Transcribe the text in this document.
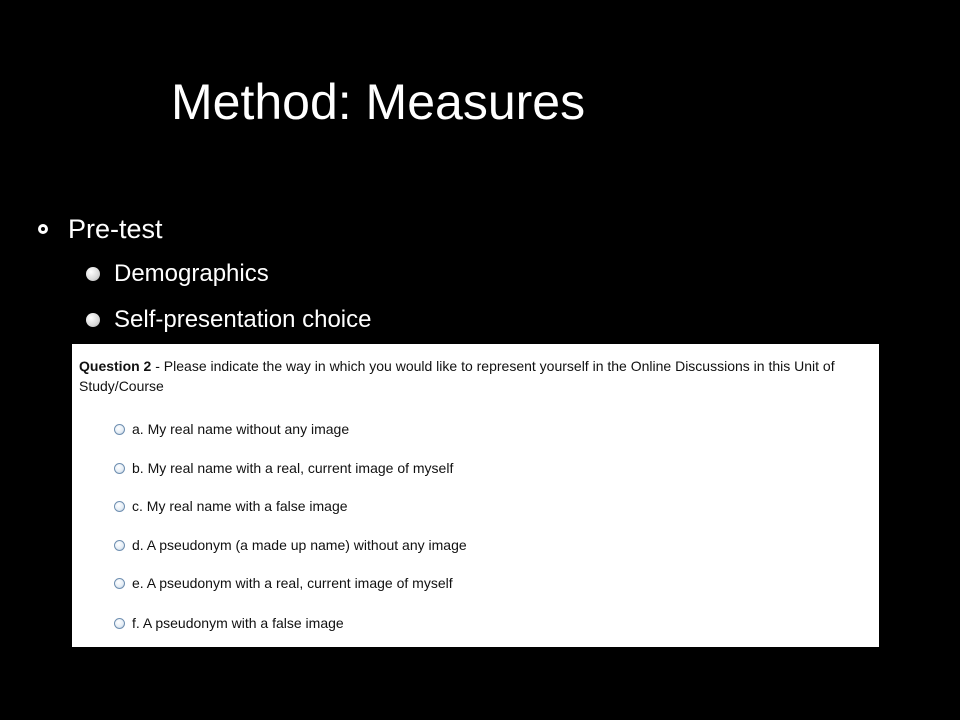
Method: Measures
Pre-test
Demographics
Self-presentation choice
Question 2 - Please indicate the way in which you would like to represent yourself in the Online Discussions in this Unit of Study/Course
a. My real name without any image
b. My real name with a real, current image of myself
c. My real name with a false image
d. A pseudonym (a made up name) without any image
e. A pseudonym with a real, current image of myself
f. A pseudonym with a false image
